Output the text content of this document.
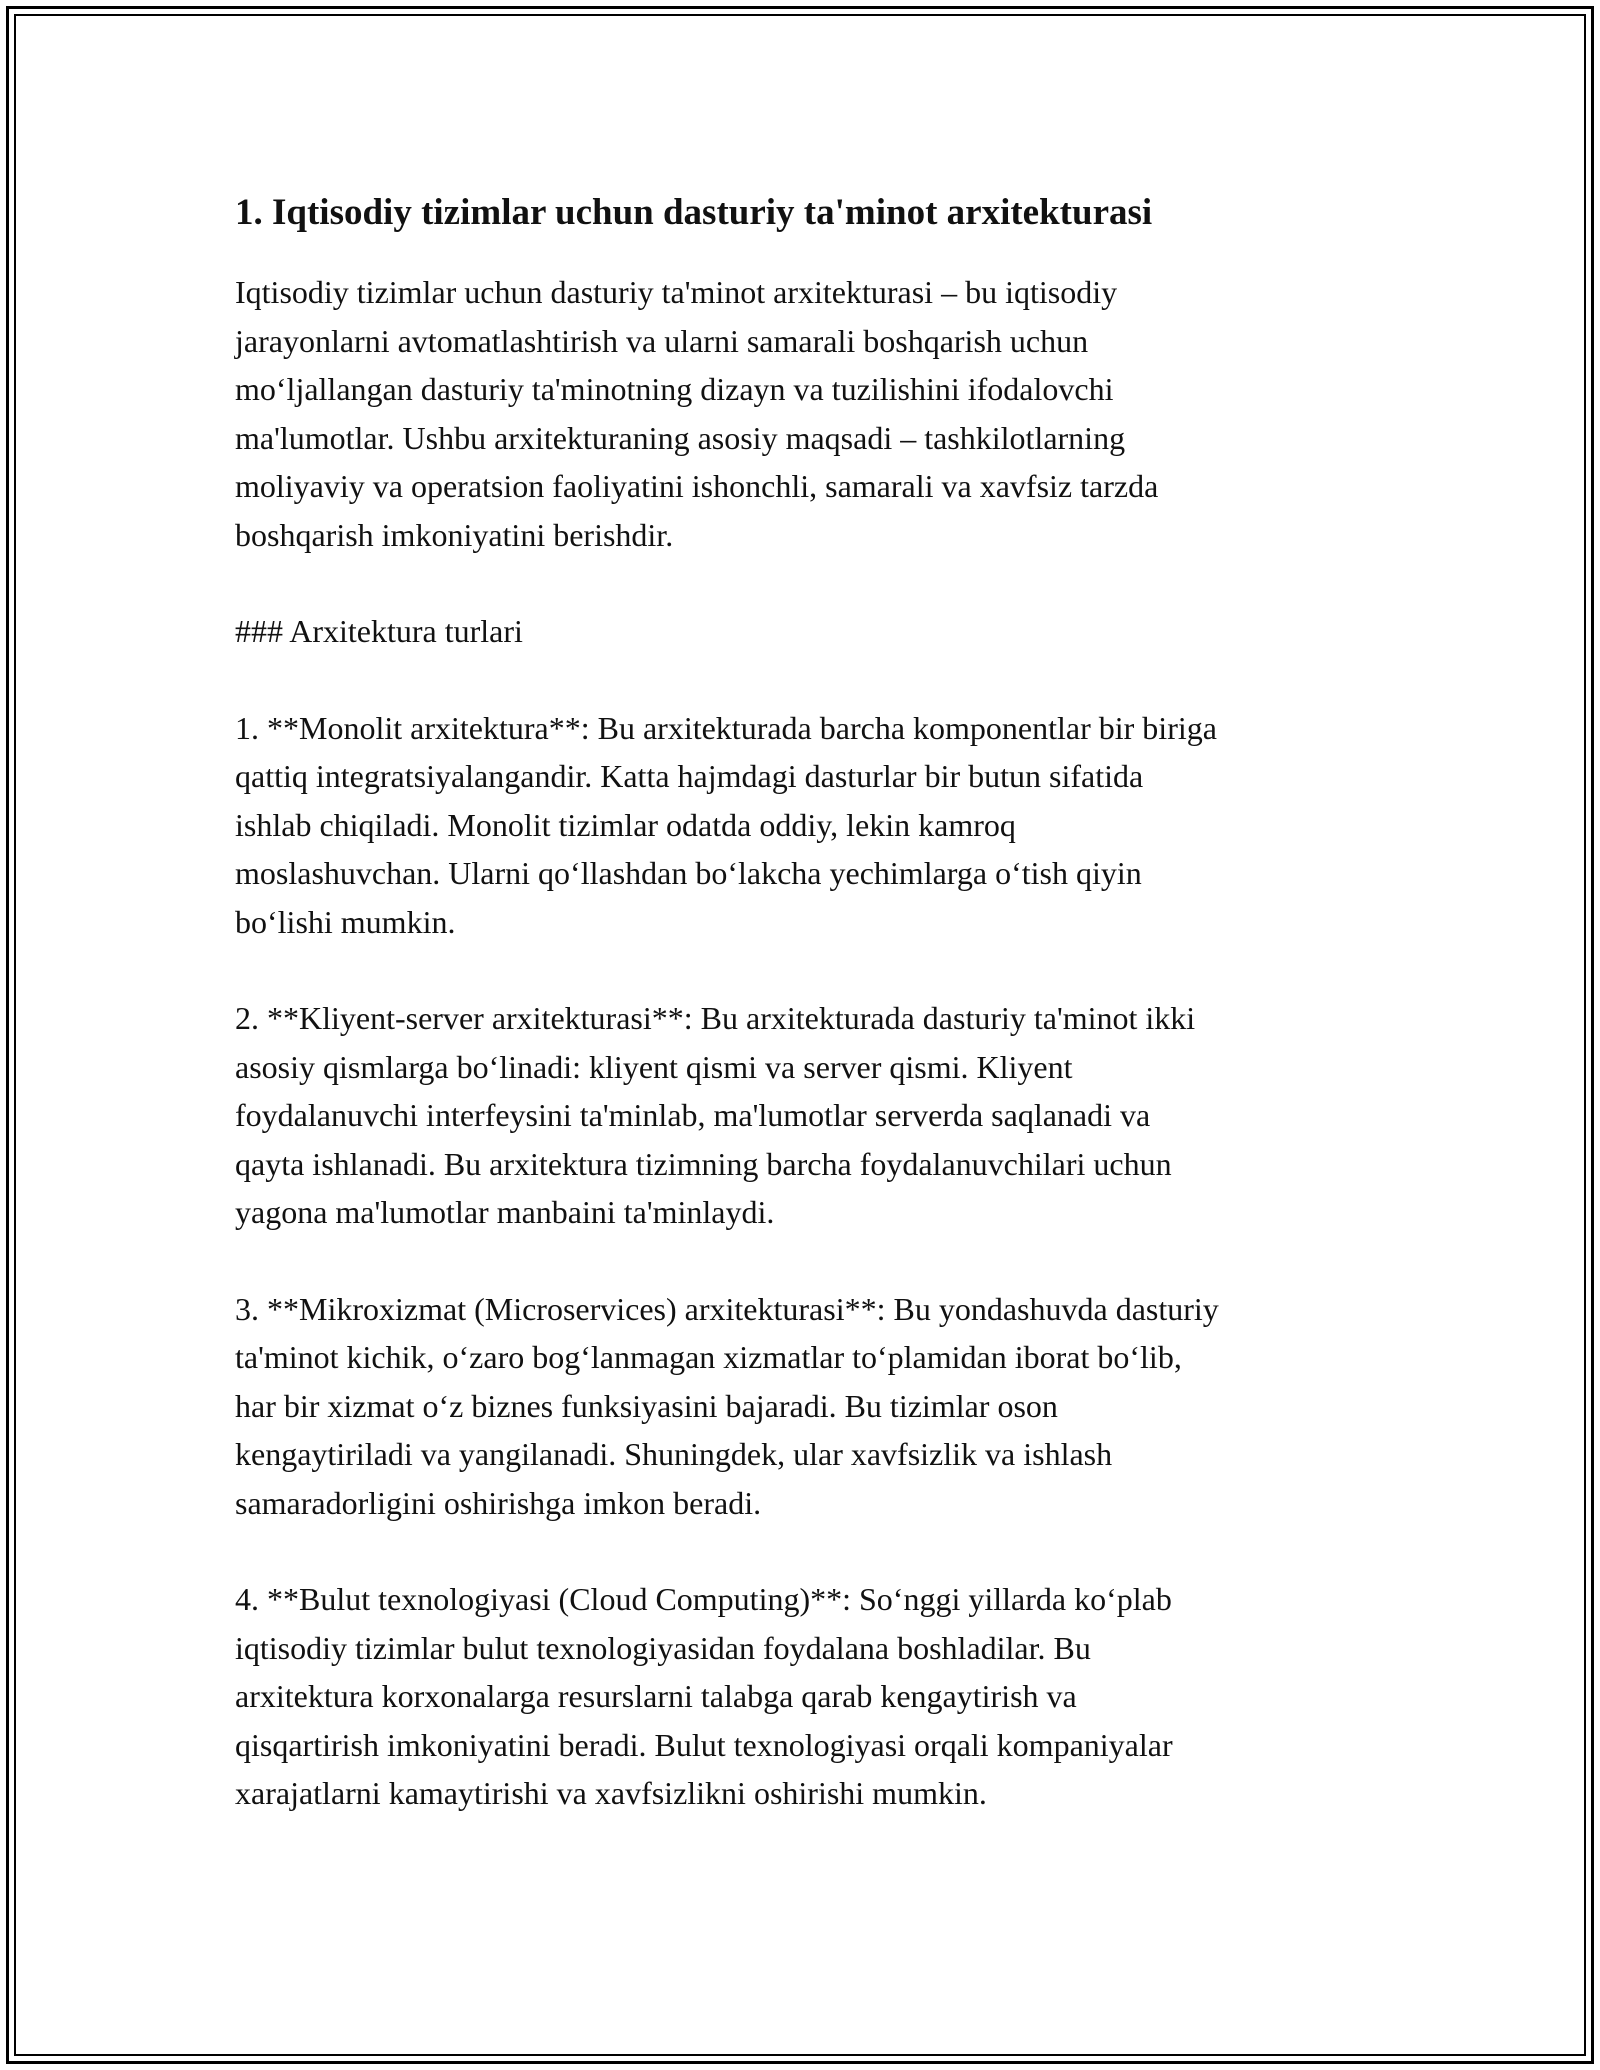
1. Iqtisodiy tizimlar uchun dasturiy ta'minot arxitekturasi

Iqtisodiy tizimlar uchun dasturiy ta'minot arxitekturasi – bu iqtisodiy
jarayonlarni avtomatlashtirish va ularni samarali boshqarish uchun
mo‘ljallangan dasturiy ta'minotning dizayn va tuzilishini ifodalovchi
ma'lumotlar. Ushbu arxitekturaning asosiy maqsadi – tashkilotlarning
moliyaviy va operatsion faoliyatini ishonchli, samarali va xavfsiz tarzda
boshqarish imkoniyatini berishdir.

### Arxitektura turlari

1. **Monolit arxitektura**: Bu arxitekturada barcha komponentlar bir biriga
qattiq integratsiyalangandir. Katta hajmdagi dasturlar bir butun sifatida
ishlab chiqiladi. Monolit tizimlar odatda oddiy, lekin kamroq
moslashuvchan. Ularni qo‘llashdan bo‘lakcha yechimlarga o‘tish qiyin
bo‘lishi mumkin.

2. **Kliyent-server arxitekturasi**: Bu arxitekturada dasturiy ta'minot ikki
asosiy qismlarga bo‘linadi: kliyent qismi va server qismi. Kliyent
foydalanuvchi interfeysini ta'minlab, ma'lumotlar serverda saqlanadi va
qayta ishlanadi. Bu arxitektura tizimning barcha foydalanuvchilari uchun
yagona ma'lumotlar manbaini ta'minlaydi.

3. **Mikroxizmat (Microservices) arxitekturasi**: Bu yondashuvda dasturiy
ta'minot kichik, o‘zaro bog‘lanmagan xizmatlar to‘plamidan iborat bo‘lib,
har bir xizmat o‘z biznes funksiyasini bajaradi. Bu tizimlar oson
kengaytiriladi va yangilanadi. Shuningdek, ular xavfsizlik va ishlash
samaradorligini oshirishga imkon beradi.

4. **Bulut texnologiyasi (Cloud Computing)**: So‘nggi yillarda ko‘plab
iqtisodiy tizimlar bulut texnologiyasidan foydalana boshladilar. Bu
arxitektura korxonalarga resurslarni talabga qarab kengaytirish va
qisqartirish imkoniyatini beradi. Bulut texnologiyasi orqali kompaniyalar
xarajatlarni kamaytirishi va xavfsizlikni oshirishi mumkin.
